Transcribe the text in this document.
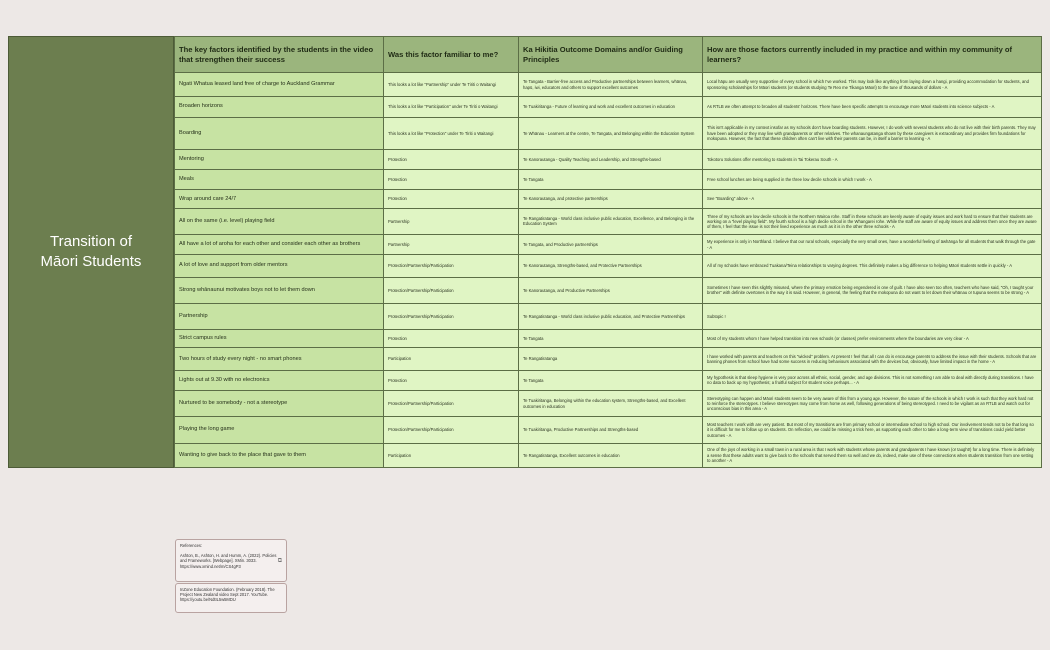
Transition of
Māori Students
The key factors identified by the students in the video that strengthen their success	Was this factor familiar to me?	Ka Hikitia Outcome Domains and/or Guiding Principles	How are those factors currently included in my practice and within my community of learners?
Ngati Whatua leased land free of charge to Auckland Grammar	This looks a lot like "Partnership" under Te Tiriti o Waitangi	Te Tangata - Barrier-free access and Productive partnerships between learners, whānau, hapū, iwi, educators and others to support excellent outcomes	Local hāpu are usually very supportive of every school in which I've worked. This may look like anything from laying down a hangi, providing accommodation for students, and sponsoring scholarships for Māori students (or students studying Te Reo me Tikanga Māori) to the tune of thousands of dollars - A
Broaden horizons	This looks a lot like "Participation" under Te Tiriti o Waitangi	Te Tuakiritanga - Future of learning and work and excellent outcomes in education	As RTLB we often attempt to broaden all students' horizons. There have been specific attempts to encourage more Māori students into science subjects - A
Boarding	This looks a lot like "Protection" under Te Tiriti o Waitangi	Te Whānau - Learners at the centre, Te Tangata, and Belonging within the Education System	This isn't applicable in my context insofar as my schools don't have boarding students. However, I do work with several students who do not live with their birth parents. They may have been adopted or they may live with grandparents or other relatives. The whanaungatanga shown by these caregivers is extraordinary and provides firm foundations for mokopuna. However, the fact that these children often can't live with their parents can be, in itself a barrier to learning - A
Mentoring	Protection	Te Kanorautanga - Quality Teaching and Leadership, and Strengths-based	Tokotoru Solutions offer mentoring to students in Tai Tokerau South - A
Meals	Protection	Te Tangata	Free school lunches are being supplied in the three low decile schools in which I work - A
Wrap around care 24/7	Protection	Te Kanorautanga, and protective partnerships	See "Boarding" above - A
All on the same (i.e. level) playing field	Partnership	Te Rangatiratanga - World class inclusive public education, Excellence, and Belonging in the Education System	Three of my schools are low decile schools in the Northern Wairoa rohe. Staff in these schools are keenly aware of equity issues and work hard to ensure that their students are working on a "level playing field". My fourth school is a high decile school in the Whangarei rohe. While the staff are aware of equity issues and address them once they are aware of them, I feel that the issue is not their lived experience as much as it is in the other three schools - A
All have a lot of aroha for each other and consider each other as brothers	Partnership	Te Tangata, and Productive partnerships	My experience is only in Northland. I believe that our rural schools, especially the very small ones, have a wonderful feeling of āwhānga for all students that walk through the gate - A
A lot of love and support from older mentors	Protection/Partnership/Participation	Te Kanorautanga, Strengths-based, and Protective Partnerships	All of my schools have embraced Tuakana/Teina relationships to varying degrees. This definitely makes a big difference to helping Māori students settle in quickly - A
Strong whānaunui motivates boys not to let them down	Protection/Partnership/Participation	Te Kanorautanga, and Productive Partnerships	Sometimes I have seen this slightly misused, where the primary emotion being engendered is one of guilt. I have also seen too often, teachers who have said, "Oh, I taught your brother" with definite overtones in the way it is said. However, in general, the feeling that the mokopuna do not want to let down their whānau or tupuna seems to be strong - A
Partnership	Protection/Partnership/Participation	Te Rangatiratanga - World class inclusive public education, and Protective Partnerships	Subtopic !
Strict campus rules	Protection	Te Tangata	Most of my students whom I have helped transition into new schools (or classes) prefer environments where the boundaries are very clear - A
Two hours of study every night - no smart phones	Participation	Te Rangatiratanga	I have worked with parents and teachers on this "wicked" problem. At present I feel that all I can do is encourage parents to address the issue with their students. Schools that are banning phones from school have had some success in reducing behaviours associated with the devices but, obviously, have limited impact in the home - A
Lights out at 9.30 with no electronics	Protection	Te Tangata	My hypothesis is that sleep hygiene is very poor across all ethnic, social, gender, and age divisions. This is not something I am able to deal with directly during transitions. I have no data to back up my hypothesis; a fruitful subject for student voice perhaps... - A
Nurtured to be somebody - not a stereotype	Protection/Partnership/Participation	Te Tuakiritanga, Belonging within the education system, Strengths-based, and Excellent outcomes in education	Stereotyping can happen and Māori students seem to be very aware of this from a young age. However, the nature of the schools in which I work is such that they work hard not to reinforce the stereotypes. I believe stereotypes may come from home as well, following generations of being stereotyped. I need to be vigilant as an RTLB and watch out for unconscious bias in this area - A
Playing the long game	Protection/Partnership/Participation	Te Tuakiritanga, Productive Partnerships and Strengths-based	Most teachers I work with are very patient. But most of my transitions are from primary school or intermediate school to high school. Our involvement tends not to be that long so it is difficult for me to follow up on students. On reflection, we could be missing a trick here, as supporting each other to take a long-term view of transitions could yield better outcomes - A
Wanting to give back to the place that gave to them	Participation	Te Rangatiratanga, Excellent outcomes in education	One of the joys of working in a small town in a rural area is that I work with students whose parents and grandparents I have known (or taught!) for a long time. There is definitely a sense that these adults want to give back to the schools that served them so well and we do, indeed, make use of these connections when students transition from one setting to another - A
References:
Ashton, B., Ashton, H. and Humm, A. (2022). Policies and Frameworks. [Webpage]. XMin. 3033. https://www.xmind.net/m/CS4gP3
⧉
InZone Education Foundation. (February 2018). The Project New Zealand video Sept 2017. YouTube. https://youtu.be/NdtIL5w5MDU
